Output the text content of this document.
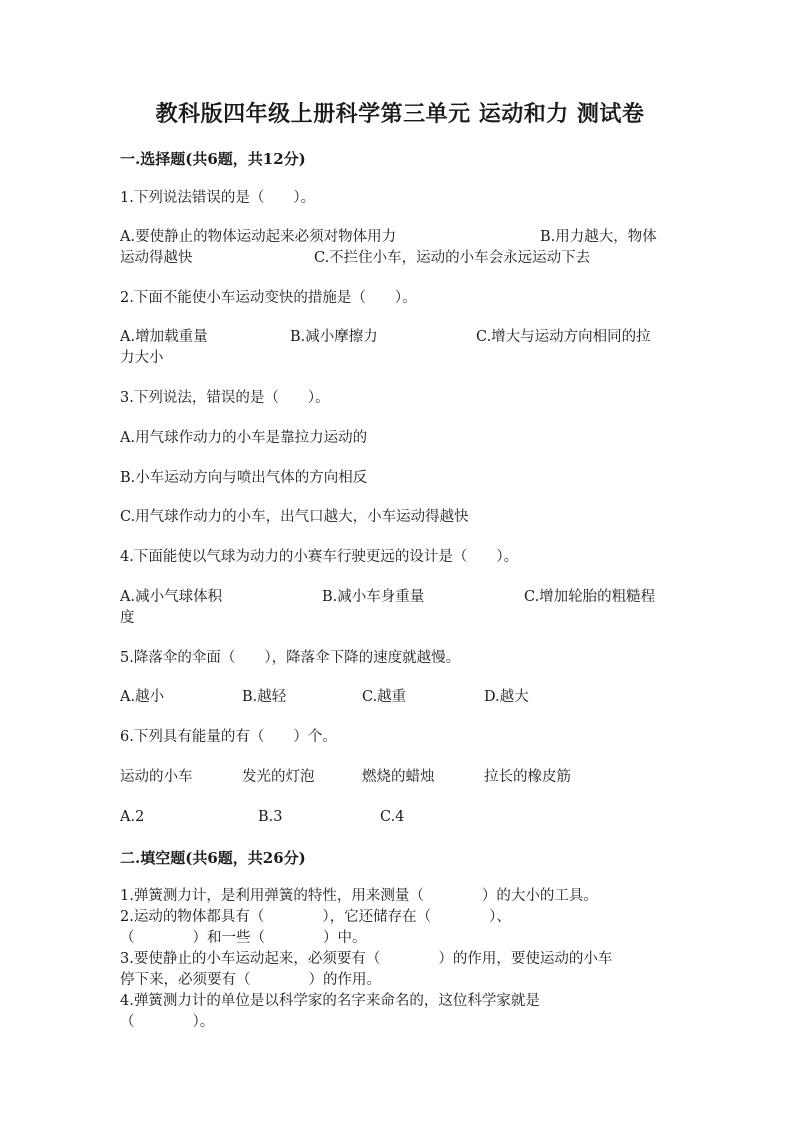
教科版四年级上册科学第三单元 运动和力 测试卷
一.选择题(共6题，共12分)
1.下列说法错误的是（　　）。
A.要使静止的物体运动起来必须对物体用力	B.用力越大，物体
运动得越快	C.不拦住小车，运动的小车会永远运动下去
2.下面不能使小车运动变快的措施是（　　）。
A.增加载重量	B.减小摩擦力	C.增大与运动方向相同的拉
力大小
3.下列说法，错误的是（　　）。
A.用气球作动力的小车是靠拉力运动的
B.小车运动方向与喷出气体的方向相反
C.用气球作动力的小车，出气口越大，小车运动得越快
4.下面能使以气球为动力的小赛车行驶更远的设计是（　　）。
A.减小气球体积	B.减小车身重量	C.增加轮胎的粗糙程
度
5.降落伞的伞面（　　），降落伞下降的速度就越慢。
A.越小	B.越轻	C.越重	D.越大
6.下列具有能量的有（　　）个。
运动的小车	发光的灯泡	燃烧的蜡烛	拉长的橡皮筋
A.2	B.3	C.4
二.填空题(共6题，共26分)
1.弹簧测力计，是利用弹簧的特性，用来测量（　　　　）的大小的工具。
2.运动的物体都具有（　　　　），它还储存在（　　　　）、
（　　　　）和一些（　　　　）中。
3.要使静止的小车运动起来，必须要有（　　　　）的作用，要使运动的小车
停下来，必须要有（　　　　）的作用。
4.弹簧测力计的单位是以科学家的名字来命名的，这位科学家就是
（　　　　）。
